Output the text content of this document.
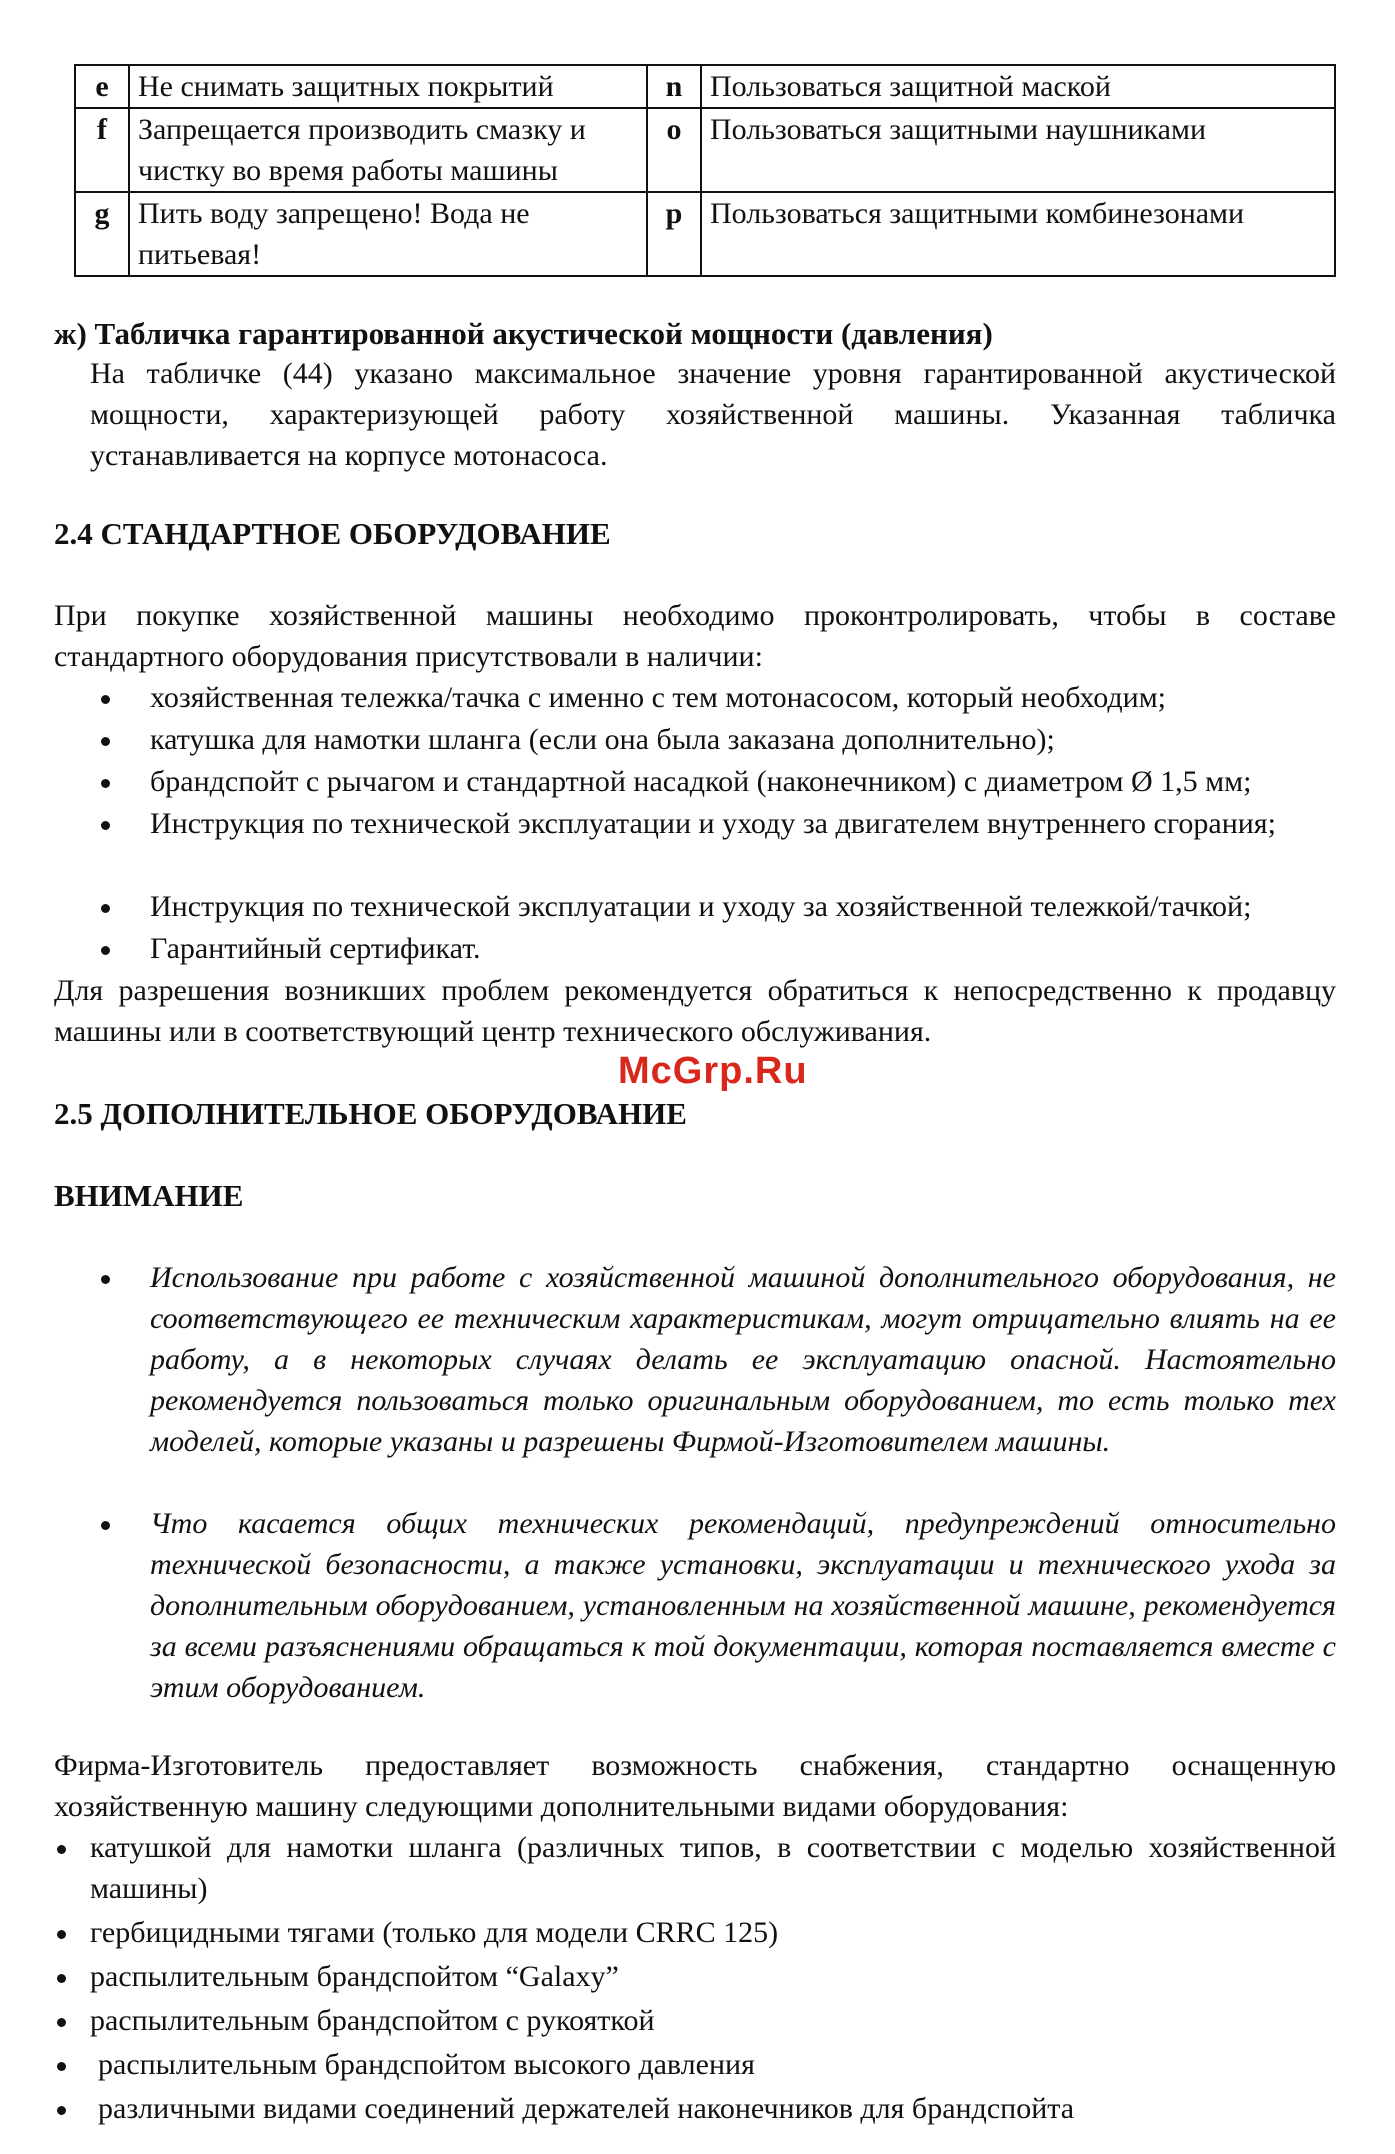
e	Не снимать защитных покрытий	n	Пользоваться защитной маской
f	Запрещается производить смазку и чистку во время работы машины	o	Пользоваться защитными наушниками
g	Пить воду запрещено! Вода не питьевая!	p	Пользоваться защитными комбинезонами
ж) Табличка гарантированной акустической мощности (давления)
На табличке (44) указано максимальное значение уровня гарантированной акустической мощности, характеризующей работу хозяйственной машины. Указанная табличка устанавливается на корпусе мотонасоса.
2.4 СТАНДАРТНОЕ ОБОРУДОВАНИЕ
При покупке хозяйственной машины необходимо проконтролировать, чтобы в составе стандартного оборудования присутствовали в наличии:
хозяйственная тележка/тачка с именно с тем мотонасосом, который необходим;
катушка для намотки шланга (если она была заказана дополнительно);
брандспойт с рычагом и стандартной насадкой (наконечником) с диаметром Ø 1,5 мм;
Инструкция по технической эксплуатации и уходу за двигателем внутреннего сгорания;
Инструкция по технической эксплуатации и уходу за хозяйственной тележкой/тачкой;
Гарантийный сертификат.
Для разрешения возникших проблем рекомендуется обратиться к непосредственно к продавцу машины или в соответствующий центр технического обслуживания.
McGrp.Ru
2.5 ДОПОЛНИТЕЛЬНОЕ ОБОРУДОВАНИЕ
ВНИМАНИЕ
Использование при работе с хозяйственной машиной дополнительного оборудования, не соответствующего ее техническим характеристикам, могут отрицательно влиять на ее работу, а в некоторых случаях делать ее эксплуатацию опасной. Настоятельно рекомендуется пользоваться только оригинальным оборудованием, то есть только тех моделей, которые указаны и разрешены Фирмой-Изготовителем машины.
Что касается общих технических рекомендаций, предупреждений относительно технической безопасности, а также установки, эксплуатации и технического ухода за дополнительным оборудованием, установленным на хозяйственной машине, рекомендуется за всеми разъяснениями обращаться к той документации, которая поставляется вместе с этим оборудованием.
Фирма-Изготовитель предоставляет возможность снабжения, стандартно оснащенную хозяйственную машину следующими дополнительными видами оборудования:
катушкой для намотки шланга (различных типов, в соответствии с моделью хозяйственной машины)
гербицидными тягами (только для модели CRRC 125)
распылительным брандспойтом “Galaxy”
распылительным брандспойтом с рукояткой
распылительным брандспойтом высокого давления
различными видами соединений держателей наконечников для брандспойта
